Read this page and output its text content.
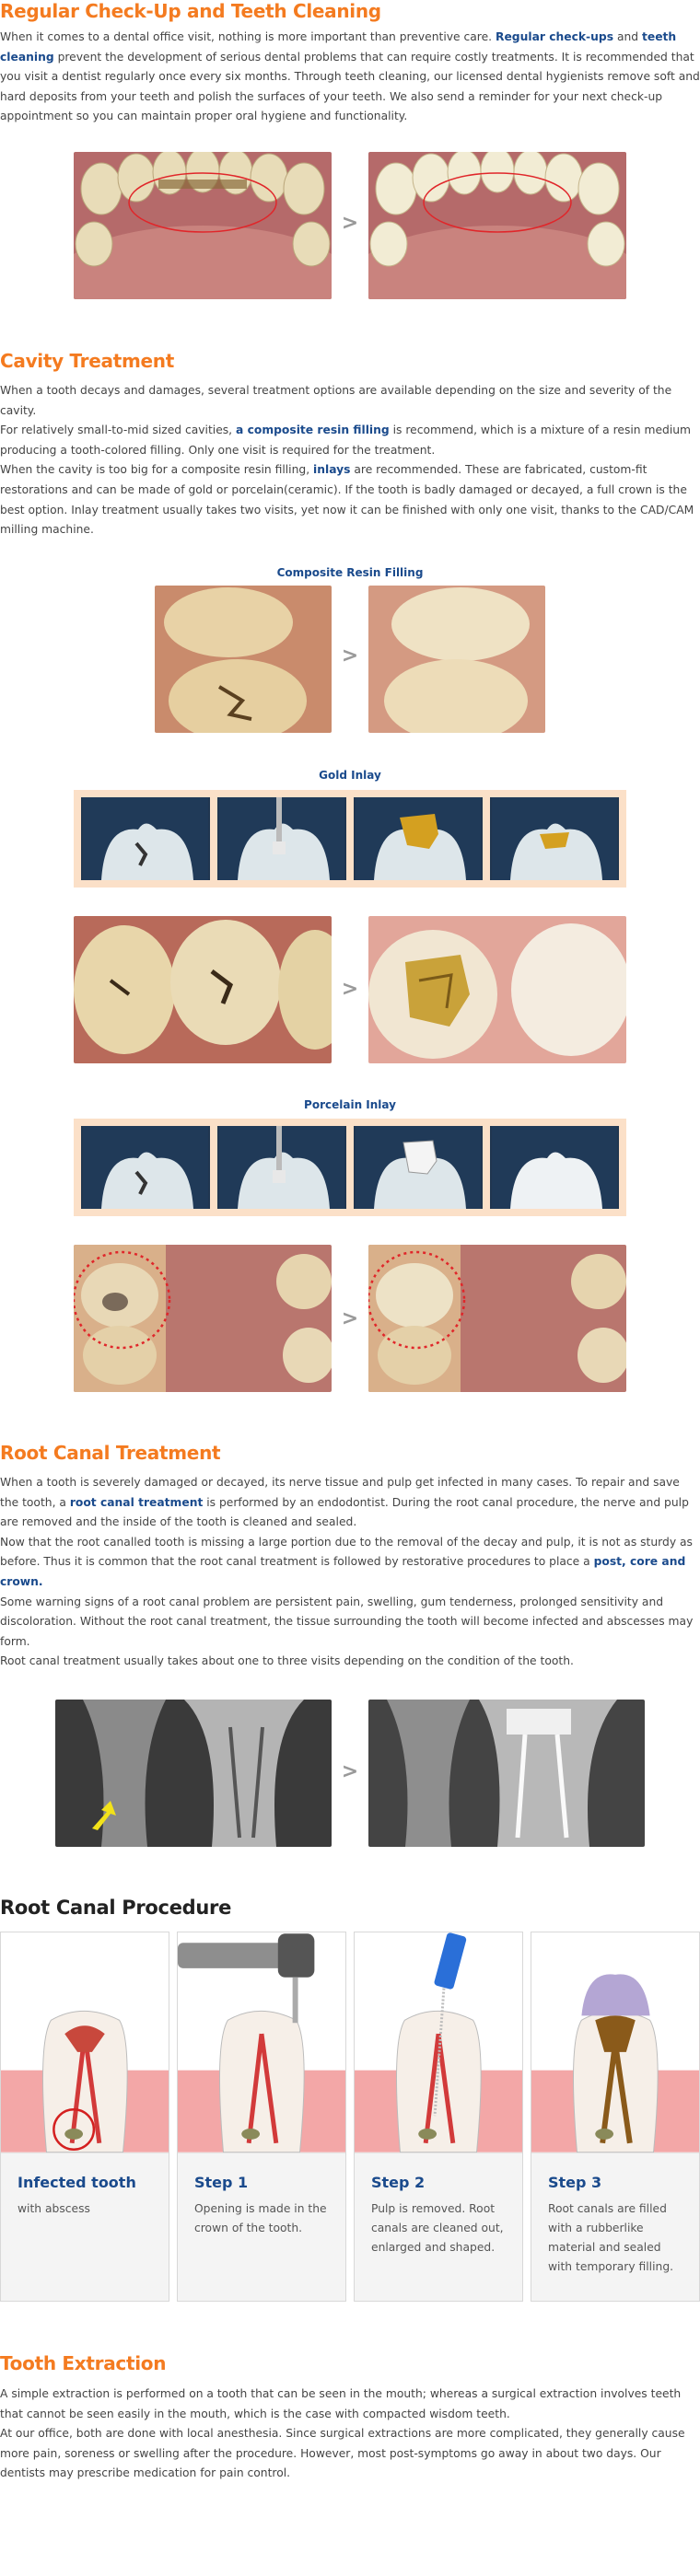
Regular Check-Up and Teeth Cleaning

When it comes to a dental office visit, nothing is more important than preventive care. Regular check-ups and teeth cleaning prevent the development of serious dental problems that can require costly treatments. It is recommended that you visit a dentist regularly once every six months. Through teeth cleaning, our licensed dental hygienists remove soft and hard deposits from your teeth and polish the surfaces of your teeth. We also send a reminder for your next check-up appointment so you can maintain proper oral hygiene and functionality.

>
Cavity Treatment

When a tooth decays and damages, several treatment options are available depending on the size and severity of the cavity.

For relatively small-to-mid sized cavities, a composite resin filling is recommend, which is a mixture of a resin medium producing a tooth-colored filling. Only one visit is required for the treatment.

When the cavity is too big for a composite resin filling, inlays are recommended. These are fabricated, custom-fit restorations and can be made of gold or porcelain(ceramic). If the tooth is badly damaged or decayed, a full crown is the best option. Inlay treatment usually takes two visits, yet now it can be finished with only one visit, thanks to the CAD/CAM milling machine.

Composite Resin Filling
>
Gold Inlay
>
Porcelain Inlay
>
Root Canal Treatment

When a tooth is severely damaged or decayed, its nerve tissue and pulp get infected in many cases. To repair and save the tooth, a root canal treatment is performed by an endodontist. During the root canal procedure, the nerve and pulp are removed and the inside of the tooth is cleaned and sealed.

Now that the root canalled tooth is missing a large portion due to the removal of the decay and pulp, it is not as sturdy as before. Thus it is common that the root canal treatment is followed by restorative procedures to place a post, core and crown.

Some warning signs of a root canal problem are persistent pain, swelling, gum tenderness, prolonged sensitivity and discoloration. Without the root canal treatment, the tissue surrounding the tooth will become infected and abscesses may form.

Root canal treatment usually takes about one to three visits depending on the condition of the tooth.

>
Root Canal Procedure
Infected tooth
with abscess
Step 1
Opening is made in the crown of the tooth.
Step 2
Pulp is removed. Root canals are cleaned out, enlarged and shaped.
Step 3
Root canals are filled with a rubberlike material and sealed with temporary filling.
Tooth Extraction

A simple extraction is performed on a tooth that can be seen in the mouth; whereas a surgical extraction involves teeth that cannot be seen easily in the mouth, which is the case with compacted wisdom teeth.

At our office, both are done with local anesthesia. Since surgical extractions are more complicated, they generally cause more pain, soreness or swelling after the procedure. However, most post-symptoms go away in about two days. Our dentists may prescribe medication for pain control.
